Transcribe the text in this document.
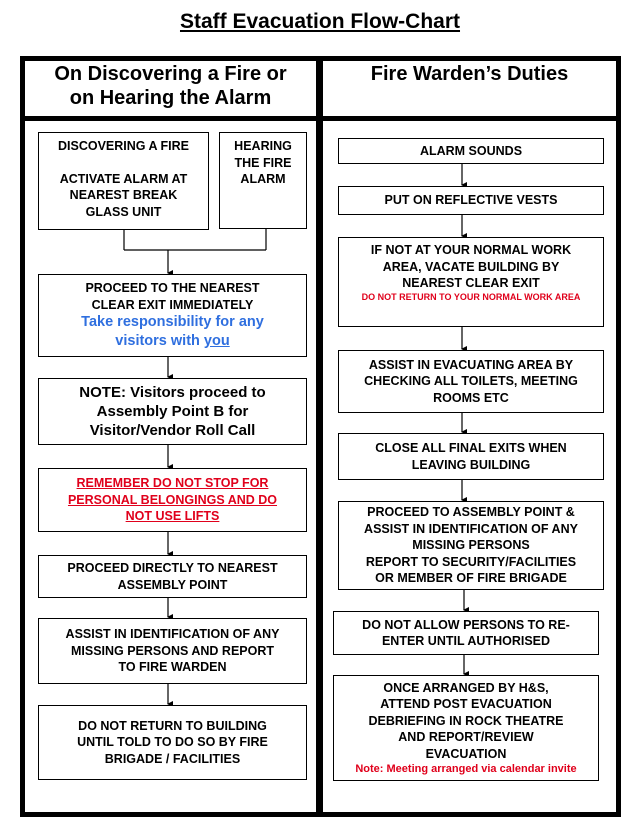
Staff Evacuation Flow-Chart
On Discovering a Fire or
on Hearing the Alarm
Fire Warden’s Duties
DISCOVERING A FIRE
ACTIVATE ALARM AT
NEAREST BREAK
GLASS UNIT
HEARING
THE FIRE
ALARM
PROCEED TO THE NEAREST
CLEAR EXIT IMMEDIATELY
Take responsibility for any
visitors with you
NOTE: Visitors proceed to
Assembly Point B for
Visitor/Vendor Roll Call
REMEMBER DO NOT STOP FOR
PERSONAL BELONGINGS AND DO
NOT USE LIFTS
PROCEED DIRECTLY TO NEAREST
ASSEMBLY POINT
ASSIST IN IDENTIFICATION OF ANY
MISSING PERSONS AND REPORT
TO FIRE WARDEN
DO NOT RETURN TO BUILDING
UNTIL TOLD TO DO SO BY FIRE
BRIGADE / FACILITIES
ALARM SOUNDS
PUT ON REFLECTIVE VESTS
IF NOT AT YOUR NORMAL WORK
AREA, VACATE BUILDING BY
NEAREST CLEAR EXIT
DO NOT RETURN TO YOUR NORMAL WORK AREA
ASSIST IN EVACUATING AREA BY
CHECKING ALL TOILETS, MEETING
ROOMS ETC
CLOSE ALL FINAL EXITS WHEN
LEAVING BUILDING
PROCEED TO ASSEMBLY POINT &
ASSIST IN IDENTIFICATION OF ANY
MISSING PERSONS
REPORT TO SECURITY/FACILITIES
OR MEMBER OF FIRE BRIGADE
DO NOT ALLOW PERSONS TO RE-
ENTER UNTIL AUTHORISED
ONCE ARRANGED BY H&S,
ATTEND POST EVACUATION
DEBRIEFING IN ROCK THEATRE
AND REPORT/REVIEW
EVACUATION
Note: Meeting arranged via calendar invite
